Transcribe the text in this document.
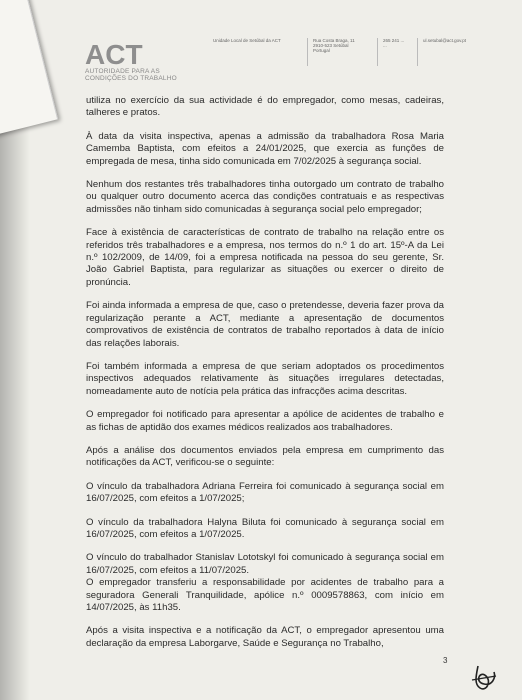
ACT
AUTORIDADE PARA AS
CONDIÇÕES DO TRABALHO
Unidade Local de Setúbal da ACT	Rua Costa Braga, 11
2910-523 Setúbal
Portugal
265 241 ...
...
ul.setubal@act.gov.pt

utiliza no exercício da sua actividade é do empregador, como mesas, cadeiras, talheres e pratos.

À data da visita inspectiva, apenas a admissão da trabalhadora Rosa Maria Camemba Baptista, com efeitos a 24/01/2025, que exercia as funções de empregada de mesa, tinha sido comunicada em 7/02/2025 à segurança social.

Nenhum dos restantes três trabalhadores tinha outorgado um contrato de trabalho ou qualquer outro documento acerca das condições contratuais e as respectivas admissões não tinham sido comunicadas à segurança social pelo empregador;

Face à existência de características de contrato de trabalho na relação entre os referidos três trabalhadores e a empresa, nos termos do n.º 1 do art. 15º-A da Lei n.º 102/2009, de 14/09, foi a empresa notificada na pessoa do seu gerente, Sr. João Gabriel Baptista, para regularizar as situações ou exercer o direito de pronúncia.

Foi ainda informada a empresa de que, caso o pretendesse, deveria fazer prova da regularização perante a ACT, mediante a apresentação de documentos comprovativos de existência de contratos de trabalho reportados à data de início das relações laborais.

Foi também informada a empresa de que seriam adoptados os procedimentos inspectivos adequados relativamente às situações irregulares detectadas, nomeadamente auto de notícia pela prática das infracções acima descritas.

O empregador foi notificado para apresentar a apólice de acidentes de trabalho e as fichas de aptidão dos exames médicos realizados aos trabalhadores.

Após a análise dos documentos enviados pela empresa em cumprimento das notificações da ACT, verificou-se o seguinte:

O vínculo da trabalhadora Adriana Ferreira foi comunicado à segurança social em 16/07/2025, com efeitos a 1/07/2025;

O vínculo da trabalhadora Halyna Biluta foi comunicado à segurança social em 16/07/2025, com efeitos a 1/07/2025.

O vínculo do trabalhador Stanislav Lototskyl foi comunicado à segurança social em 16/07/2025, com efeitos a 11/07/2025.

O empregador transferiu a responsabilidade por acidentes de trabalho para a seguradora Generali Tranquilidade, apólice n.º 0009578863, com início em 14/07/2025, às 11h35.

Após a visita inspectiva e a notificação da ACT, o empregador apresentou uma declaração da empresa Laborgarve, Saúde e Segurança no Trabalho,

3
